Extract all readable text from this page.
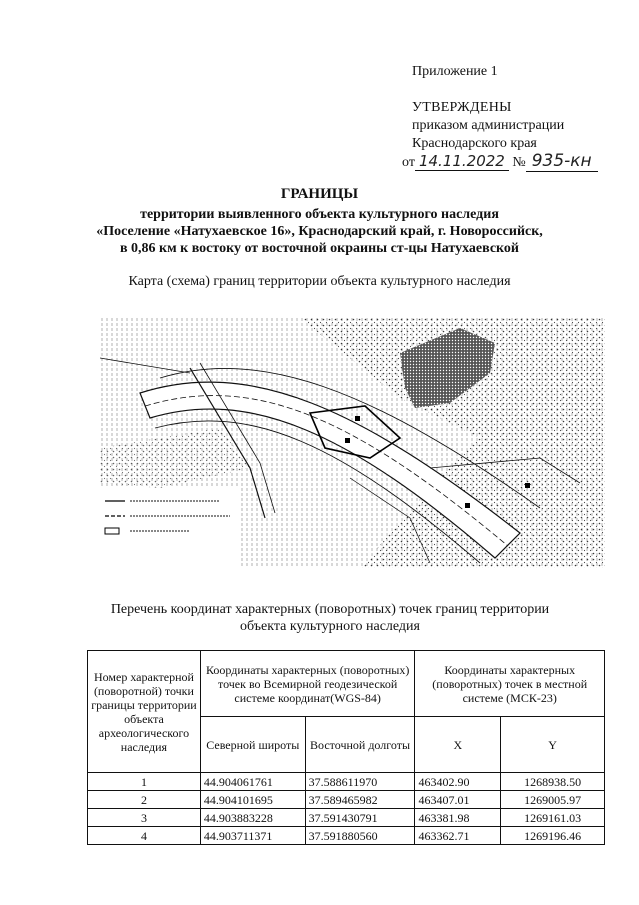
Приложение 1
УТВЕРЖДЕНЫ
приказом администрации
Краснодарского края
от 14.11.2022 № 935-кн
ГРАНИЦЫ
территории выявленного объекта культурного наследия
«Поселение «Натухаевское 16», Краснодарский край, г. Новороссийск,
в 0,86 км к востоку от восточной окраины ст-цы Натухаевской
Карта (схема) границ территории объекта культурного наследия
Перечень координат характерных (поворотных) точек границ территории
объекта культурного наследия
Номер характерной (поворотной) точки границы территории объекта археологического наследия	Координаты характерных (поворотных) точек во Всемирной геодезической системе координат(WGS-84)		Координаты характерных (поворотных) точек в местной системе (МСК-23)	
	Северной широты	Восточной долготы	X	Y
1	44.904061761	37.588611970	463402.90	1268938.50
2	44.904101695	37.589465982	463407.01	1269005.97
3	44.903883228	37.591430791	463381.98	1269161.03
4	44.903711371	37.591880560	463362.71	1269196.46
